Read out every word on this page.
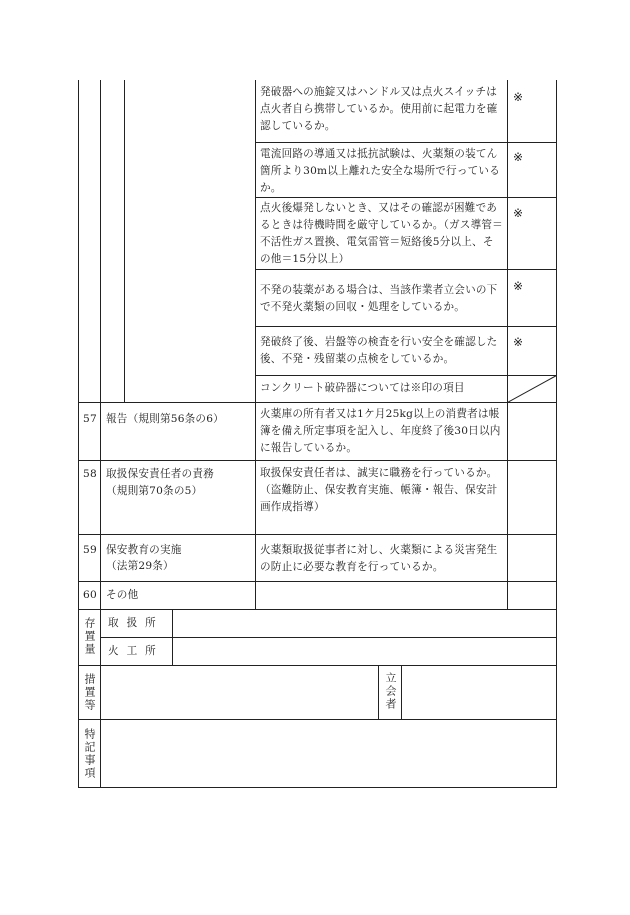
発破器への施錠又はハンドル又は点火スイッチは点火者自ら携帯しているか。使用前に起電力を確認しているか。
※
電流回路の導通又は抵抗試験は、火薬類の装てん箇所より30m以上離れた安全な場所で行っているか。
※
点火後爆発しないとき、又はその確認が困難であるときは待機時間を厳守しているか。（ガス導管＝不活性ガス置換、電気雷管＝短絡後5分以上、その他＝15分以上）
※
不発の装薬がある場合は、当該作業者立会いの下で不発火薬類の回収・処理をしているか。
※
発破終了後、岩盤等の検査を行い安全を確認した後、不発・残留薬の点検をしているか。
※
コンクリート破砕器については※印の項目
57 報告（規則第56条の6）	火薬庫の所有者又は1ケ月25kg以上の消費者は帳簿を備え所定事項を記入し、年度終了後30日以内に報告しているか。
58 取扱保安責任者の責務
（規則第70条の5）
取扱保安責任者は、誠実に職務を行っているか。（盗難防止、保安教育実施、帳簿・報告、保安計画作成指導）
59 保安教育の実施
（法第29条）
火薬類取扱従事者に対し、火薬類による災害発生の防止に必要な教育を行っているか。
60 その他
存置量 取扱所
火工所
措置等	立会者
特記事項
